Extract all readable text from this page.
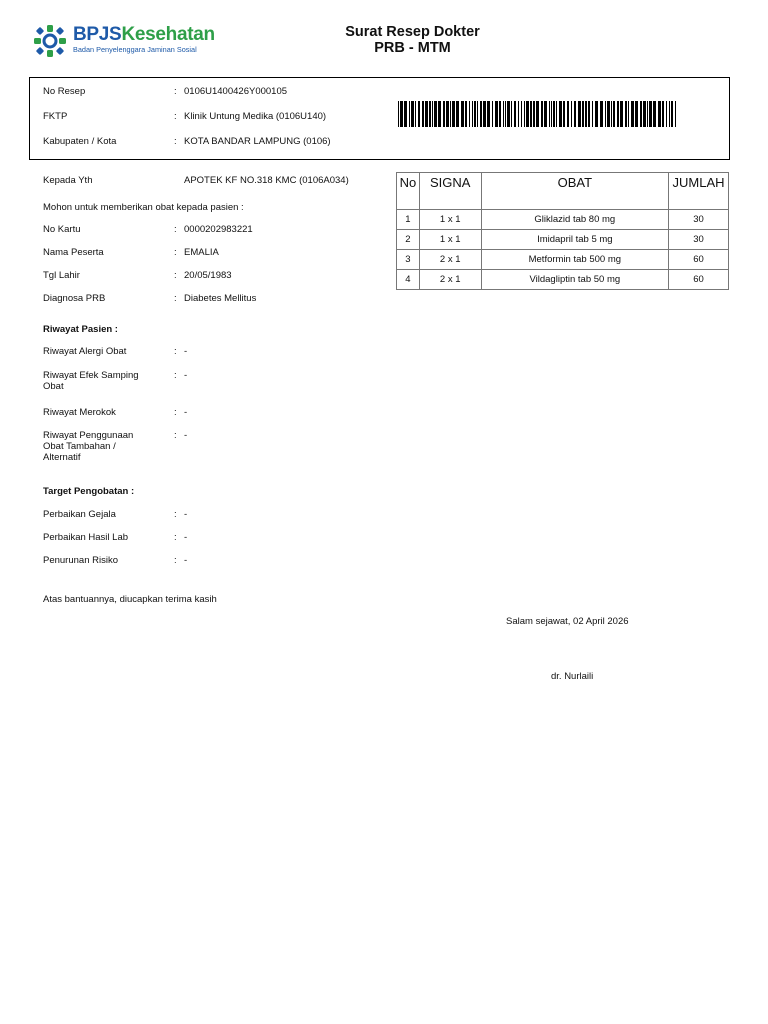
BPJSKesehatan
Badan Penyelenggara Jaminan Sosial
Surat Resep Dokter
PRB - MTM
No Resep	: 0106U1400426Y000105
FKTP	: Klinik Untung Medika (0106U140)
Kabupaten / Kota	: KOTA BANDAR LAMPUNG (0106)
Kepada Yth	APOTEK KF NO.318 KMC (0106A034)
Mohon untuk memberikan obat kepada pasien :
No Kartu	: 0000202983221
Nama Peserta	: EMALIA
Tgl Lahir	: 20/05/1983
Diagnosa PRB	: Diabetes Mellitus
Riwayat Pasien :
Riwayat Alergi Obat	: -
Riwayat Efek Samping Obat
: -
Riwayat Merokok	: -
Riwayat Penggunaan Obat Tambahan / Alternatif
: -
Target Pengobatan :
Perbaikan Gejala	: -
Perbaikan Hasil Lab	: -
Penurunan Risiko	: -
Atas bantuannya, diucapkan terima kasih
Salam sejawat, 02 April 2026
dr. Nurlaili
No	SIGNA	OBAT	JUMLAH
1	1 x 1	Gliklazid tab 80 mg	30
2	1 x 1	Imidapril tab 5 mg	30
3	2 x 1	Metformin tab 500 mg	60
4	2 x 1	Vildagliptin tab 50 mg	60
